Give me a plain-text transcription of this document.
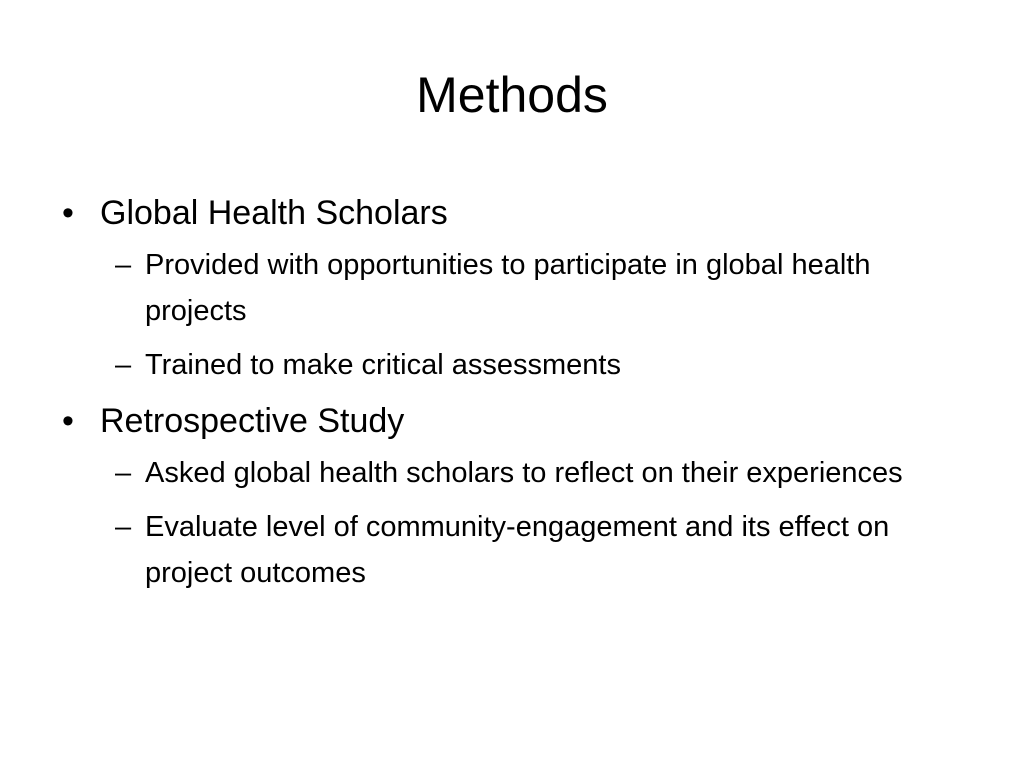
Methods
• Global Health Scholars
– Provided with opportunities to participate in global health projects
– Trained to make critical assessments
• Retrospective Study
– Asked global health scholars to reflect on their experiences
– Evaluate level of community-engagement and its effect on project outcomes
